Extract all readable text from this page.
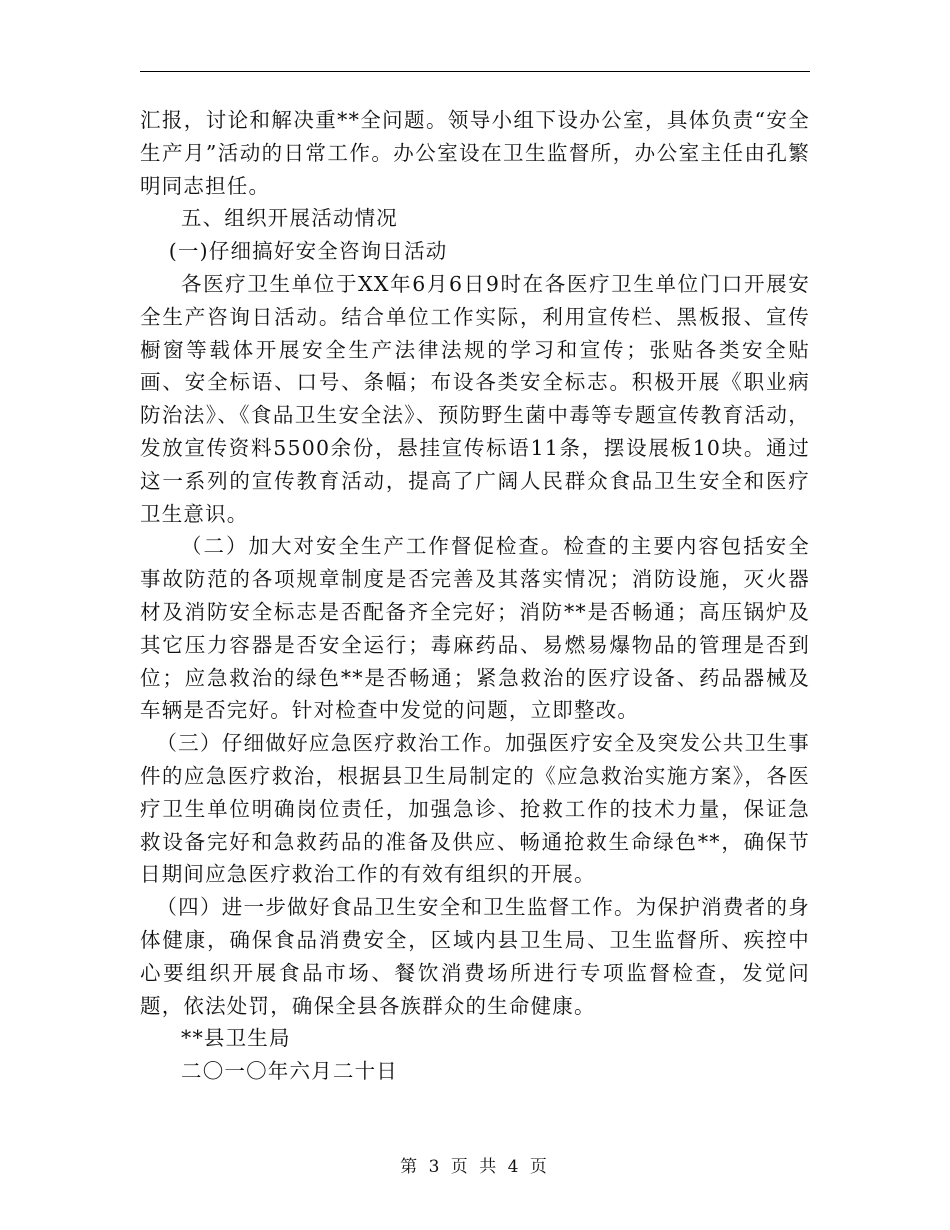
汇报，讨论和解决重**全问题。领导小组下设办公室，具体负责“安全生产月”活动的日常工作。办公室设在卫生监督所，办公室主任由孔繁明同志担任。

五、组织开展活动情况

(一)仔细搞好安全咨询日活动

各医疗卫生单位于XX年6月6日9时在各医疗卫生单位门口开展安全生产咨询日活动。结合单位工作实际，利用宣传栏、黑板报、宣传橱窗等载体开展安全生产法律法规的学习和宣传；张贴各类安全贴画、安全标语、口号、条幅；布设各类安全标志。积极开展《职业病防治法》、《食品卫生安全法》、预防野生菌中毒等专题宣传教育活动，发放宣传资料5500余份，悬挂宣传标语11条，摆设展板10块。通过这一系列的宣传教育活动，提高了广阔人民群众食品卫生安全和医疗卫生意识。

（二）加大对安全生产工作督促检查。检查的主要内容包括安全事故防范的各项规章制度是否完善及其落实情况；消防设施，灭火器材及消防安全标志是否配备齐全完好；消防**是否畅通；高压锅炉及其它压力容器是否安全运行；毒麻药品、易燃易爆物品的管理是否到位；应急救治的绿色**是否畅通；紧急救治的医疗设备、药品器械及车辆是否完好。针对检查中发觉的问题，立即整改。

（三）仔细做好应急医疗救治工作。加强医疗安全及突发公共卫生事件的应急医疗救治，根据县卫生局制定的《应急救治实施方案》，各医疗卫生单位明确岗位责任，加强急诊、抢救工作的技术力量，保证急救设备完好和急救药品的准备及供应、畅通抢救生命绿色**，确保节日期间应急医疗救治工作的有效有组织的开展。

（四）进一步做好食品卫生安全和卫生监督工作。为保护消费者的身体健康，确保食品消费安全，区域内县卫生局、卫生监督所、疾控中心要组织开展食品市场、餐饮消费场所进行专项监督检查，发觉问题，依法处罚，确保全县各族群众的生命健康。

**县卫生局

二〇一〇年六月二十日

第 3 页 共 4 页
